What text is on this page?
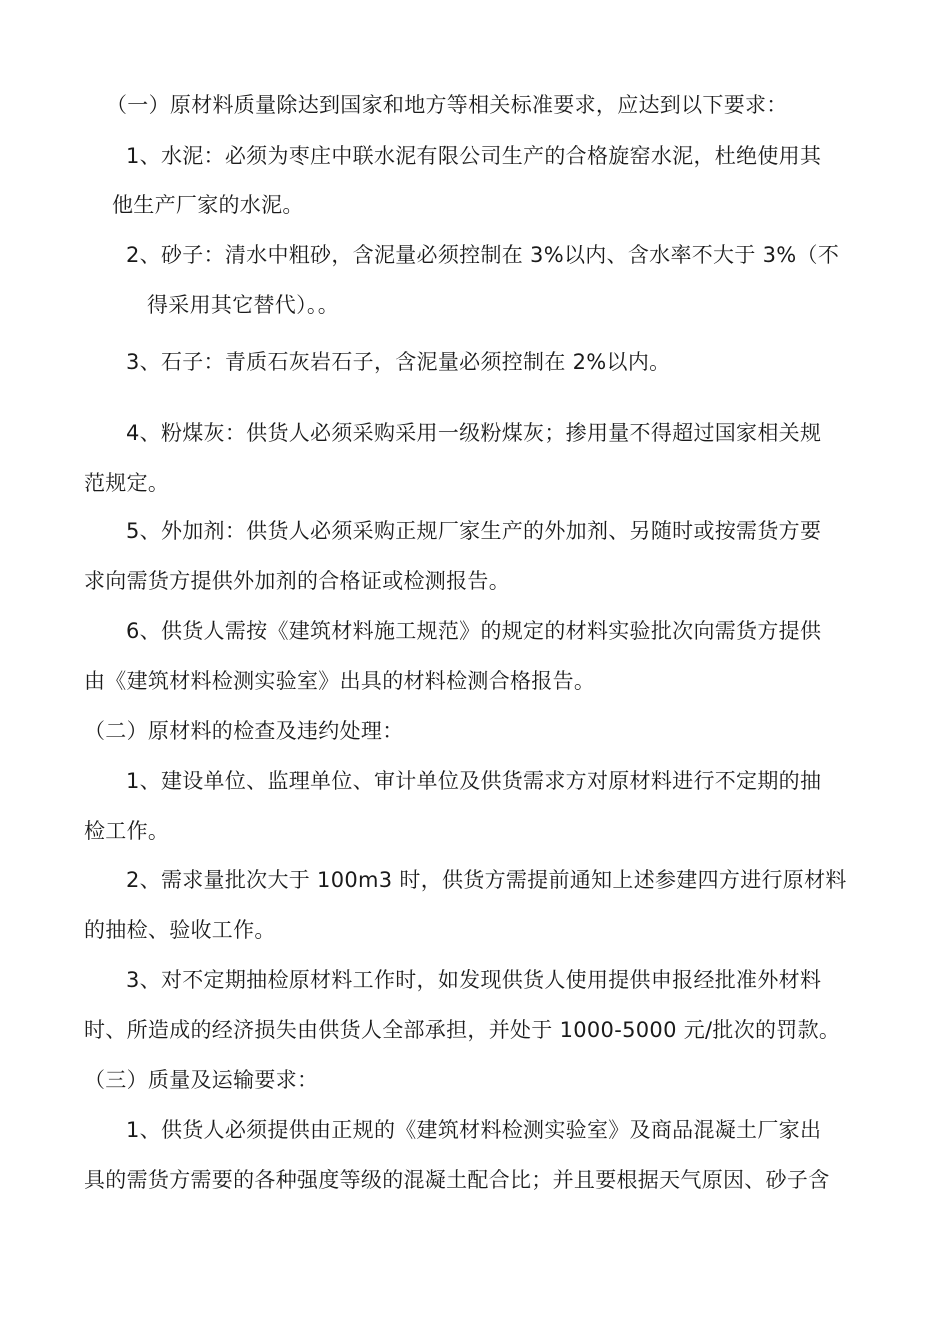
（一）原材料质量除达到国家和地方等相关标准要求，应达到以下要求：
1、水泥：必须为枣庄中联水泥有限公司生产的合格旋窑水泥，杜绝使用其
他生产厂家的水泥。
2、砂子：清水中粗砂，含泥量必须控制在 3%以内、含水率不大于 3%（不
得采用其它替代）。。
3、石子：青质石灰岩石子，含泥量必须控制在 2%以内。
4、粉煤灰：供货人必须采购采用一级粉煤灰；掺用量不得超过国家相关规
范规定。
5、外加剂：供货人必须采购正规厂家生产的外加剂、另随时或按需货方要
求向需货方提供外加剂的合格证或检测报告。
6、供货人需按《建筑材料施工规范》的规定的材料实验批次向需货方提供
由《建筑材料检测实验室》出具的材料检测合格报告。
（二）原材料的检查及违约处理：
1、建设单位、监理单位、审计单位及供货需求方对原材料进行不定期的抽
检工作。
2、需求量批次大于 100m3 时，供货方需提前通知上述参建四方进行原材料
的抽检、验收工作。
3、对不定期抽检原材料工作时，如发现供货人使用提供申报经批准外材料
时、所造成的经济损失由供货人全部承担，并处于 1000-5000 元/批次的罚款。
（三）质量及运输要求：
1、供货人必须提供由正规的《建筑材料检测实验室》及商品混凝土厂家出
具的需货方需要的各种强度等级的混凝土配合比；并且要根据天气原因、砂子含
